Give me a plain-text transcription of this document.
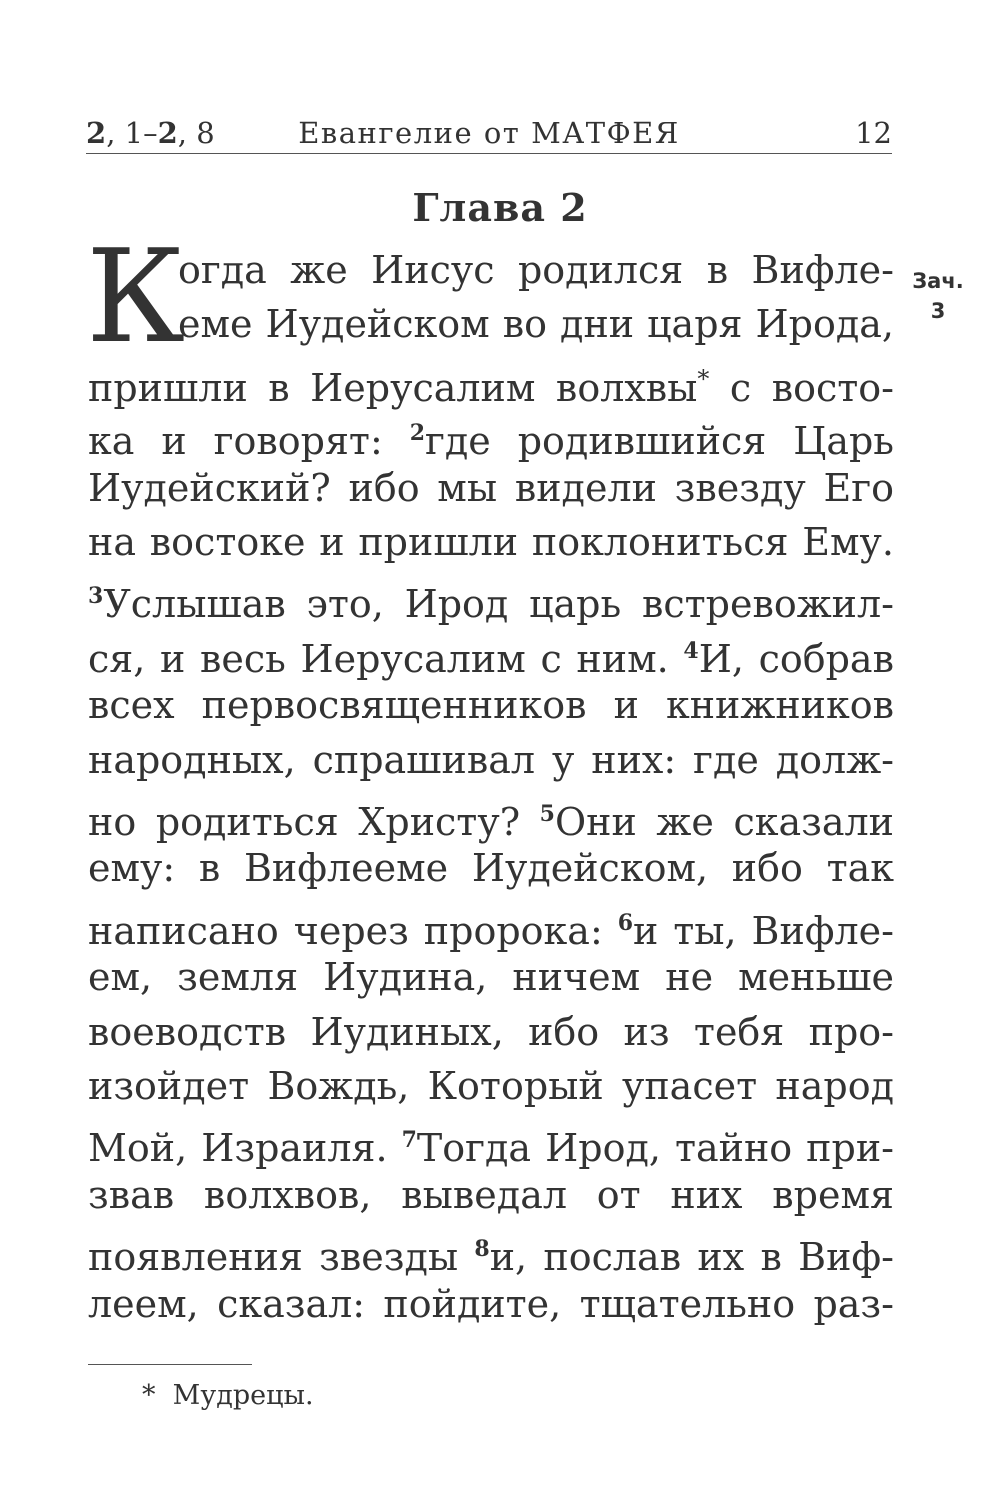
2, 1–2, 8	Евангелие от МАТФЕЯ	12
Глава 2
Зач.
3
К
огда же Иисус родился в Вифле-
еме Иудейском во дни царя Ирода,
пришли в Иерусалим волхвы* с восто-
ка и говорят: $^2$где родившийся Царь
Иудейский? ибо мы видели звезду Его
на востоке и пришли поклониться Ему.
$^3$Услышав это, Ирод царь встревожил-
ся, и весь Иерусалим с ним. $^4$И, собрав
всех первосвященников и книжников
народных, спрашивал у них: где долж-
но родиться Христу? $^5$Они же сказали
ему: в Вифлееме Иудейском, ибо так
написано через пророка: $^6$и ты, Вифле-
ем, земля Иудина, ничем не меньше
воеводств Иудиных, ибо из тебя про-
изойдет Вождь, Который упасет народ
Мой, Израиля. $^7$Тогда Ирод, тайно при-
звав волхвов, выведал от них время
появления звезды $^8$и, послав их в Виф-
леем, сказал: пойдите, тщательно раз-
* Мудрецы.
